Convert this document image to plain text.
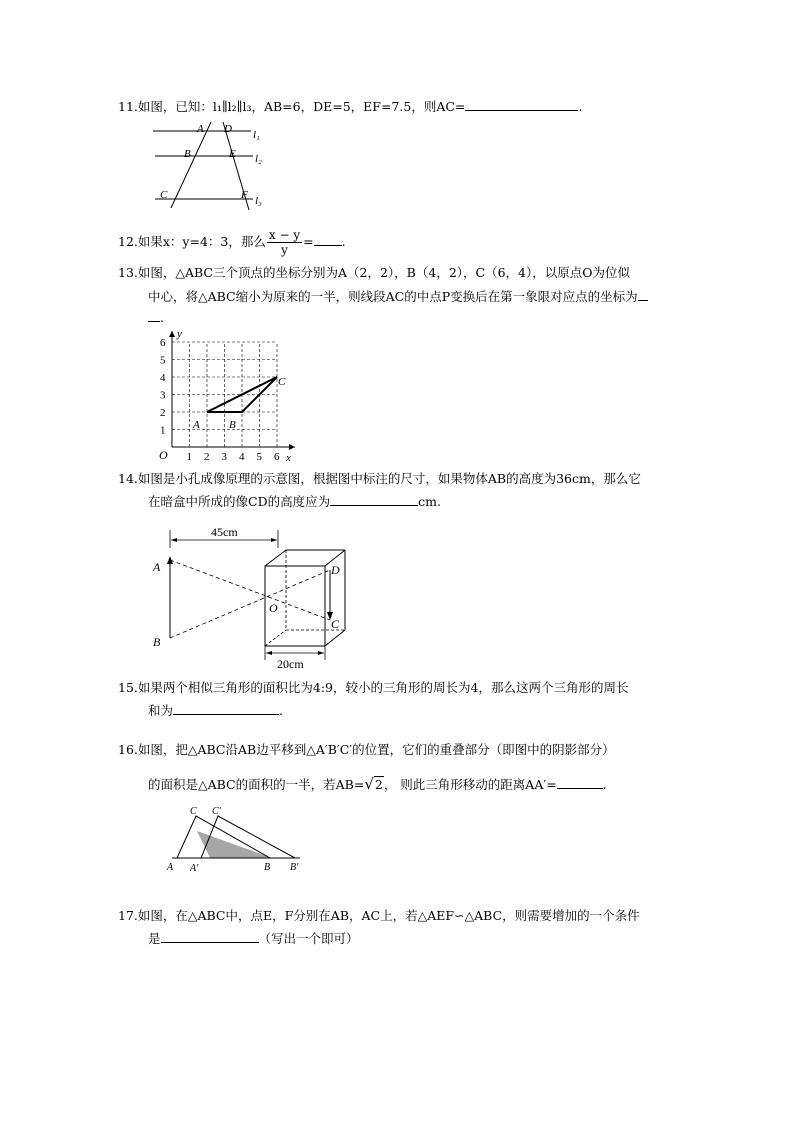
11.如图，已知：l₁∥l₂∥l₃，AB=6，DE=5，EF=7.5，则AC=	.
A D l₁
B	E l₂
C	F l₃
12.如果x：y=4：3，那么 $\frac{x - y}{y}$ = .
13.如图，△ABC三个顶点的坐标分别为A（2，2），B（4，2），C（6，4），以原点O为位似
中心，将△ABC缩小为原来的一半，则线段AC的中点P变换后在第一象限对应点的坐标为
.
1 2 3 4 5 6
1
2
3
4
5
6
y
x
O
A	B
C
14.如图是小孔成像原理的示意图，根据图中标注的尺寸，如果物体AB的高度为36cm，那么它
在暗盒中所成的像CD的高度应为	cm.
45cm
A
B
O
D
C
20cm
15.如果两个相似三角形的面积比为4:9，较小的三角形的周长为4，那么这两个三角形的周长
和为	.
16.如图，把△ABC沿AB边平移到△A′B′C′的位置，它们的重叠部分（即图中的阴影部分）
的面积是△ABC的面积的一半，若AB=√2， 则此三角形移动的距离AA′=	.
C C′
A A′	B B′
17.如图，在△ABC中，点E，F分别在AB，AC上，若△AEF∽△ABC，则需要增加的一个条件
是	（写出一个即可）
